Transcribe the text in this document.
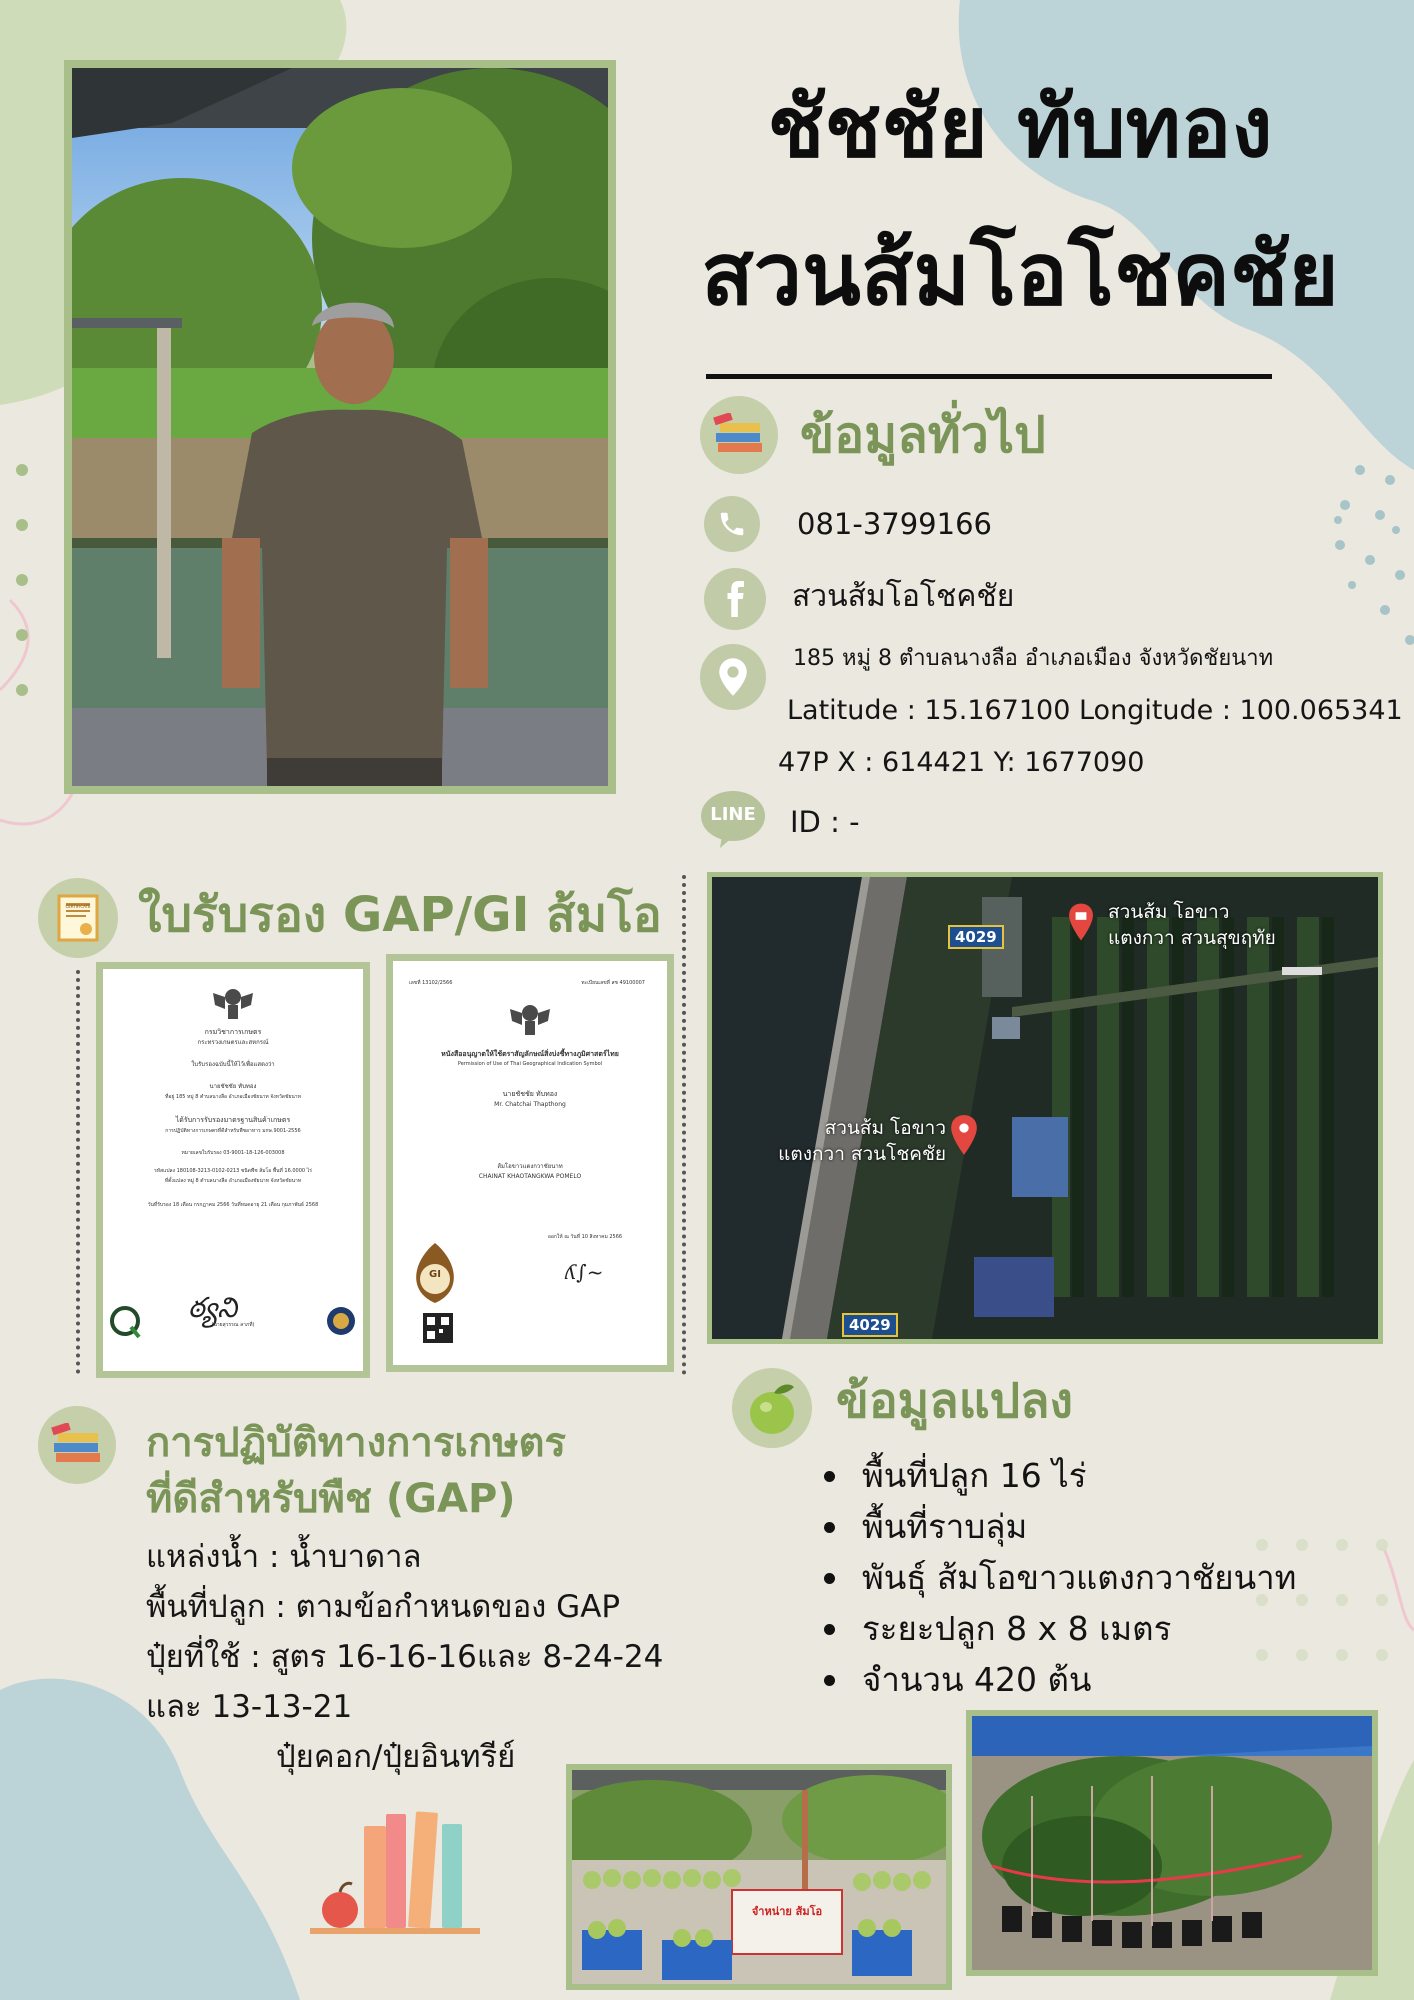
ชัชชัย ทับทอง
สวนส้มโอโชคชัย
ข้อมูลทั่วไป
081-3799166
สวนส้มโอโชคชัย
185 หมู่ 8 ตำบลนางลือ อำเภอเมือง จังหวัดชัยนาท
Latitude : 15.167100 Longitude : 100.065341
47P X : 614421 Y: 1677090
LINE	ID : -
CERTIFICATE ใบรับรอง GAP/GI ส้มโอ
ఠ్యని
กรมวิชาการเกษตร
กระทรวงเกษตรและสหกรณ์
ใบรับรองฉบับนี้ให้ไว้เพื่อแสดงว่า
นายชัชชัย ทับทอง
ที่อยู่ 185 หมู่ 8 ตำบลนางลือ อำเภอเมืองชัยนาท จังหวัดชัยนาท
ได้รับการรับรองมาตรฐานสินค้าเกษตร
การปฏิบัติทางการเกษตรที่ดีสำหรับพืชอาหาร มกษ.9001-2556
หมายเลขใบรับรอง 03-9001-18-126-003008
รหัสแปลง 180108-3213-0102-0213 ชนิดพืช ส้มโอ พื้นที่ 16.0000 ไร่
ที่ตั้งแปลง หมู่ 8 ตำบลนางลือ อำเภอเมืองชัยนาท จังหวัดชัยนาท
วันที่รับรอง 18 เดือน กรกฎาคม 2566 วันที่หมดอายุ 21 เดือน กุมภาพันธ์ 2568
(นายสุวรรณ ลาภที่)
ʎ∫~
GI
เลขที่ 13102/2566	ทะเบียนเลขที่ สช 49100007
หนังสืออนุญาตให้ใช้ตราสัญลักษณ์สิ่งบ่งชี้ทางภูมิศาสตร์ไทย
Permission of Use of Thai Geographical Indication Symbol
นายชัชชัย ทับทอง
Mr. Chatchai Thapthong
ส้มโอขาวแตงกวาชัยนาท
CHAINAT KHAOTANGKWA POMELO
ออกให้ ณ วันที่ 10 สิงหาคม 2566
4029
4029
สวนส้ม โอขาว
แตงกวา สวนสุขฤทัย
สวนส้ม โอขาว
แตงกวา สวนโชคชัย
การปฏิบัติทางการเกษตร
ที่ดีสำหรับพืช (GAP)
แหล่งน้ำ : น้ำบาดาล
พื้นที่ปลูก : ตามข้อกำหนดของ GAP
ปุ๋ยที่ใช้ : สูตร 16-16-16และ 8-24-24
และ 13-13-21
ปุ๋ยคอก/ปุ๋ยอินทรีย์
ข้อมูลแปลง
พื้นที่ปลูก 16 ไร่
พื้นที่ราบลุ่ม
พันธุ์ ส้มโอขาวแตงกวาชัยนาท
ระยะปลูก 8 x 8 เมตร
จำนวน 420 ต้น
จำหน่าย ส้มโอ
